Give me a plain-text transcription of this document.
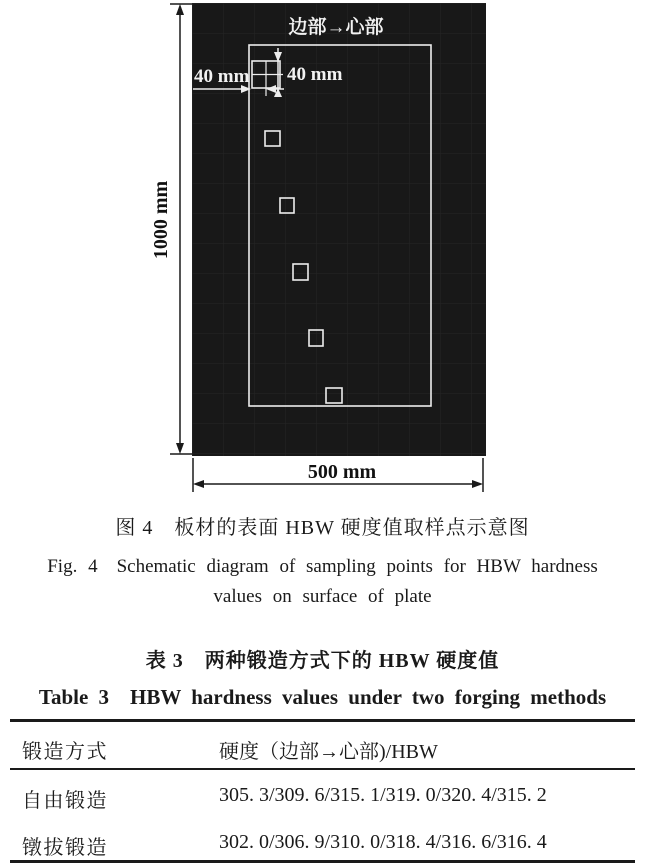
1000 mm
500 mm
边部→心部
40 mm
40 mm
图 4　板材的表面 HBW 硬度值取样点示意图
Fig. 4　Schematic diagram of sampling points for HBW hardness
values on surface of plate
表 3　两种锻造方式下的 HBW 硬度值
Table 3　HBW hardness values under two forging methods
锻造方式	硬度（边部→心部)/HBW
自由锻造	305. 3/309. 6/315. 1/319. 0/320. 4/315. 2
镦拔锻造	302. 0/306. 9/310. 0/318. 4/316. 6/316. 4
